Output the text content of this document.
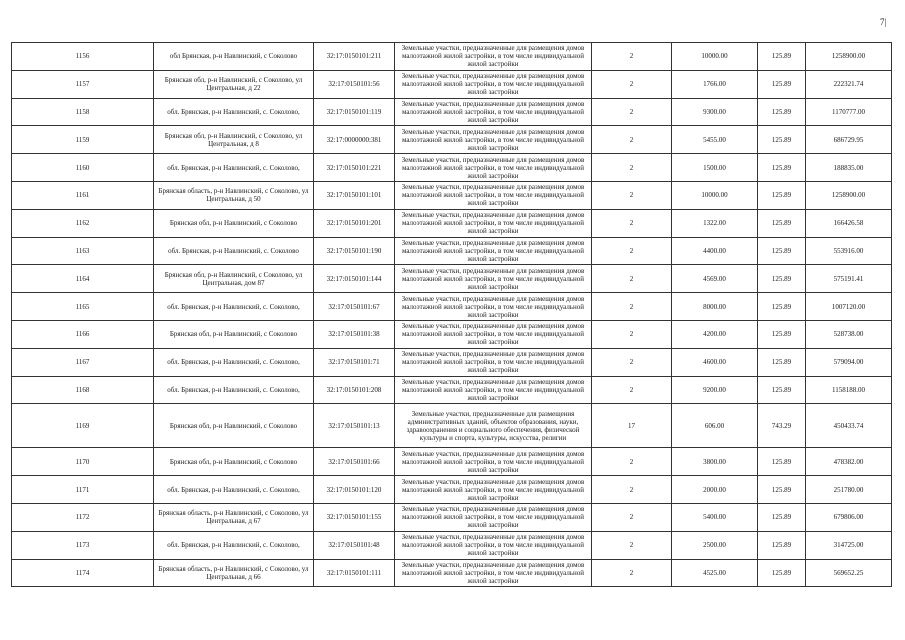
7|
1156	обл Брянская, р-н Навлинский, с Соколово	32:17:0150101:211	Земельные участки, предназначенные для размещения домов малоэтажной жилой застройки, в том числе индивидуальной жилой застройки	2	10000.00	125.89	1258900.00
1157	Брянская обл, р-н Навлинский, с Соколово, ул Центральная, д 22	32:17:0150101:56	Земельные участки, предназначенные для размещения домов малоэтажной жилой застройки, в том числе индивидуальной жилой застройки	2	1766.00	125.89	222321.74
1158	обл. Брянская, р-н Навлинский, с. Соколово,	32:17:0150101:119	Земельные участки, предназначенные для размещения домов малоэтажной жилой застройки, в том числе индивидуальной жилой застройки	2	9300.00	125.89	1170777.00
1159	Брянская обл, р-н Навлинский, с Соколово, ул Центральная, д 8	32:17:0000000:381	Земельные участки, предназначенные для размещения домов малоэтажной жилой застройки, в том числе индивидуальной жилой застройки	2	5455.00	125.89	686729.95
1160	обл. Брянская, р-н Навлинский, с. Соколово,	32:17:0150101:221	Земельные участки, предназначенные для размещения домов малоэтажной жилой застройки, в том числе индивидуальной жилой застройки	2	1500.00	125.89	188835.00
1161	Брянская область, р-н Навлинский, с Соколово, ул Центральная, д 50	32:17:0150101:101	Земельные участки, предназначенные для размещения домов малоэтажной жилой застройки, в том числе индивидуальной жилой застройки	2	10000.00	125.89	1258900.00
1162	Брянская обл, р-н Навлинский, с Соколово	32:17:0150101:201	Земельные участки, предназначенные для размещения домов малоэтажной жилой застройки, в том числе индивидуальной жилой застройки	2	1322.00	125.89	166426.58
1163	обл. Брянская, р-н Навлинский, с. Соколово	32:17:0150101:190	Земельные участки, предназначенные для размещения домов малоэтажной жилой застройки, в том числе индивидуальной жилой застройки	2	4400.00	125.89	553916.00
1164	Брянская обл, р-н Навлинский, с Соколово, ул Центральная, дом 87	32:17:0150101:144	Земельные участки, предназначенные для размещения домов малоэтажной жилой застройки, в том числе индивидуальной жилой застройки	2	4569.00	125.89	575191.41
1165	обл. Брянская, р-н Навлинский, с. Соколово,	32:17:0150101:67	Земельные участки, предназначенные для размещения домов малоэтажной жилой застройки, в том числе индивидуальной жилой застройки	2	8000.00	125.89	1007120.00
1166	Брянская обл, р-н Навлинский, с Соколово	32:17:0150101:38	Земельные участки, предназначенные для размещения домов малоэтажной жилой застройки, в том числе индивидуальной жилой застройки	2	4200.00	125.89	528738.00
1167	обл. Брянская, р-н Навлинский, с. Соколово,	32:17:0150101:71	Земельные участки, предназначенные для размещения домов малоэтажной жилой застройки, в том числе индивидуальной жилой застройки	2	4600.00	125.89	579094.00
1168	обл. Брянская, р-н Навлинский, с. Соколово,	32:17:0150101:208	Земельные участки, предназначенные для размещения домов малоэтажной жилой застройки, в том числе индивидуальной жилой застройки	2	9200.00	125.89	1158188.00
1169	Брянская обл, р-н Навлинский, с Соколово	32:17:0150101:13	Земельные участки, предназначенные для размещения административных зданий, объектов образования, науки, здравоохранения и социального обеспечения, физической культуры и спорта, культуры, искусства, религии	17	606.00	743.29	450433.74
1170	Брянская обл, р-н Навлинский, с Соколово	32:17:0150101:66	Земельные участки, предназначенные для размещения домов малоэтажной жилой застройки, в том числе индивидуальной жилой застройки	2	3800.00	125.89	478382.00
1171	обл. Брянская, р-н Навлинский, с. Соколово,	32:17:0150101:120	Земельные участки, предназначенные для размещения домов малоэтажной жилой застройки, в том числе индивидуальной жилой застройки	2	2000.00	125.89	251780.00
1172	Брянская область, р-н Навлинский, с Соколово, ул Центральная, д 67	32:17:0150101:155	Земельные участки, предназначенные для размещения домов малоэтажной жилой застройки, в том числе индивидуальной жилой застройки	2	5400.00	125.89	679806.00
1173	обл. Брянская, р-н Навлинский, с. Соколово,	32:17:0150101:48	Земельные участки, предназначенные для размещения домов малоэтажной жилой застройки, в том числе индивидуальной жилой застройки	2	2500.00	125.89	314725.00
1174	Брянская область, р-н Навлинский, с Соколово, ул Центральная, д 66	32:17:0150101:111	Земельные участки, предназначенные для размещения домов малоэтажной жилой застройки, в том числе индивидуальной жилой застройки	2	4525.00	125.89	569652.25
